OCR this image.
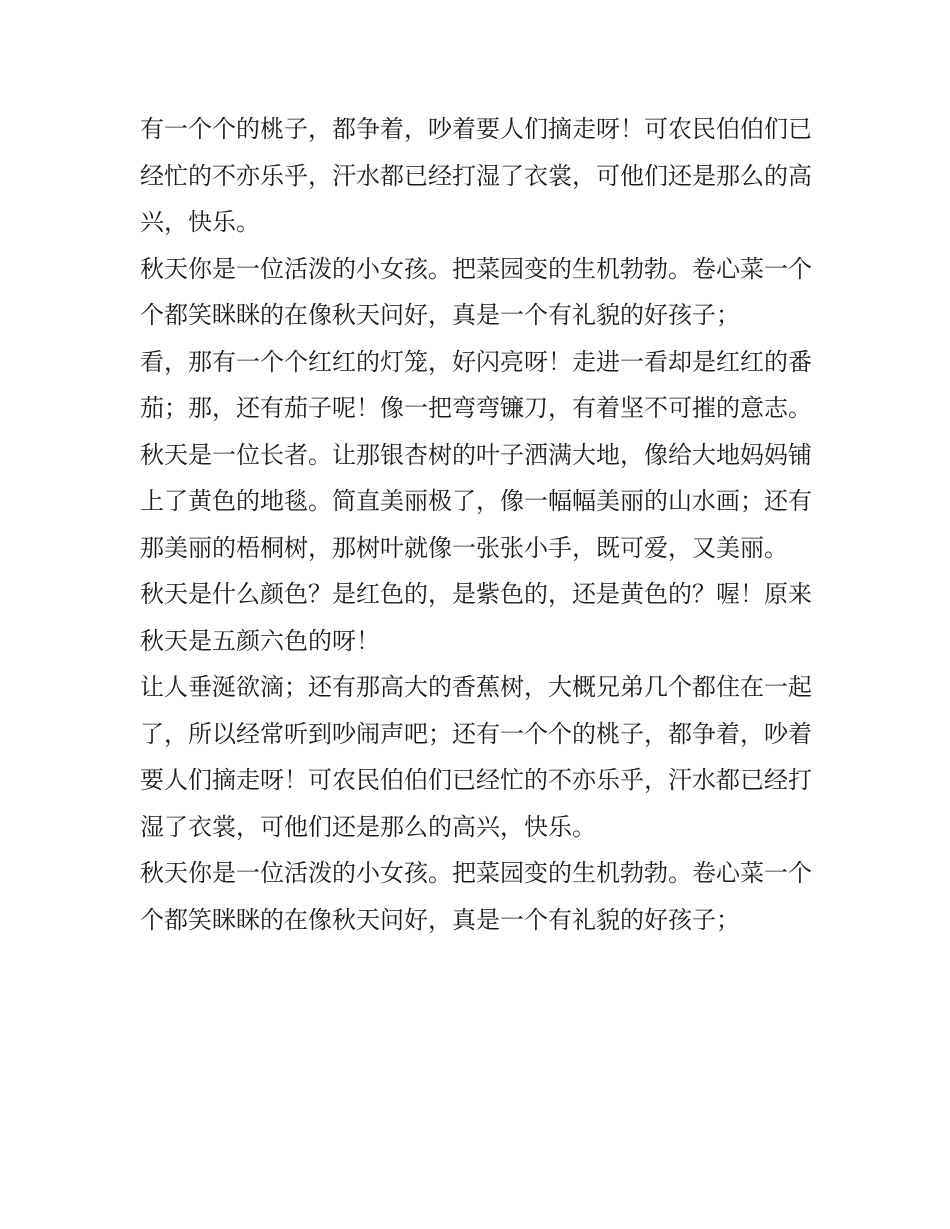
有一个个的桃子，都争着，吵着要人们摘走呀！可农民伯伯们已经忙的不亦乐乎，汗水都已经打湿了衣裳，可他们还是那么的高兴，快乐。

秋天你是一位活泼的小女孩。把菜园变的生机勃勃。卷心菜一个个都笑眯眯的在像秋天问好，真是一个有礼貌的好孩子；

看，那有一个个红红的灯笼，好闪亮呀！走进一看却是红红的番茄；那，还有茄子呢！像一把弯弯镰刀，有着坚不可摧的意志。

秋天是一位长者。让那银杏树的叶子洒满大地，像给大地妈妈铺上了黄色的地毯。简直美丽极了，像一幅幅美丽的山水画；还有那美丽的梧桐树，那树叶就像一张张小手，既可爱，又美丽。

秋天是什么颜色？是红色的，是紫色的，还是黄色的？喔！原来秋天是五颜六色的呀！

让人垂涎欲滴；还有那高大的香蕉树，大概兄弟几个都住在一起了，所以经常听到吵闹声吧；还有一个个的桃子，都争着，吵着要人们摘走呀！可农民伯伯们已经忙的不亦乐乎，汗水都已经打湿了衣裳，可他们还是那么的高兴，快乐。

秋天你是一位活泼的小女孩。把菜园变的生机勃勃。卷心菜一个个都笑眯眯的在像秋天问好，真是一个有礼貌的好孩子；
